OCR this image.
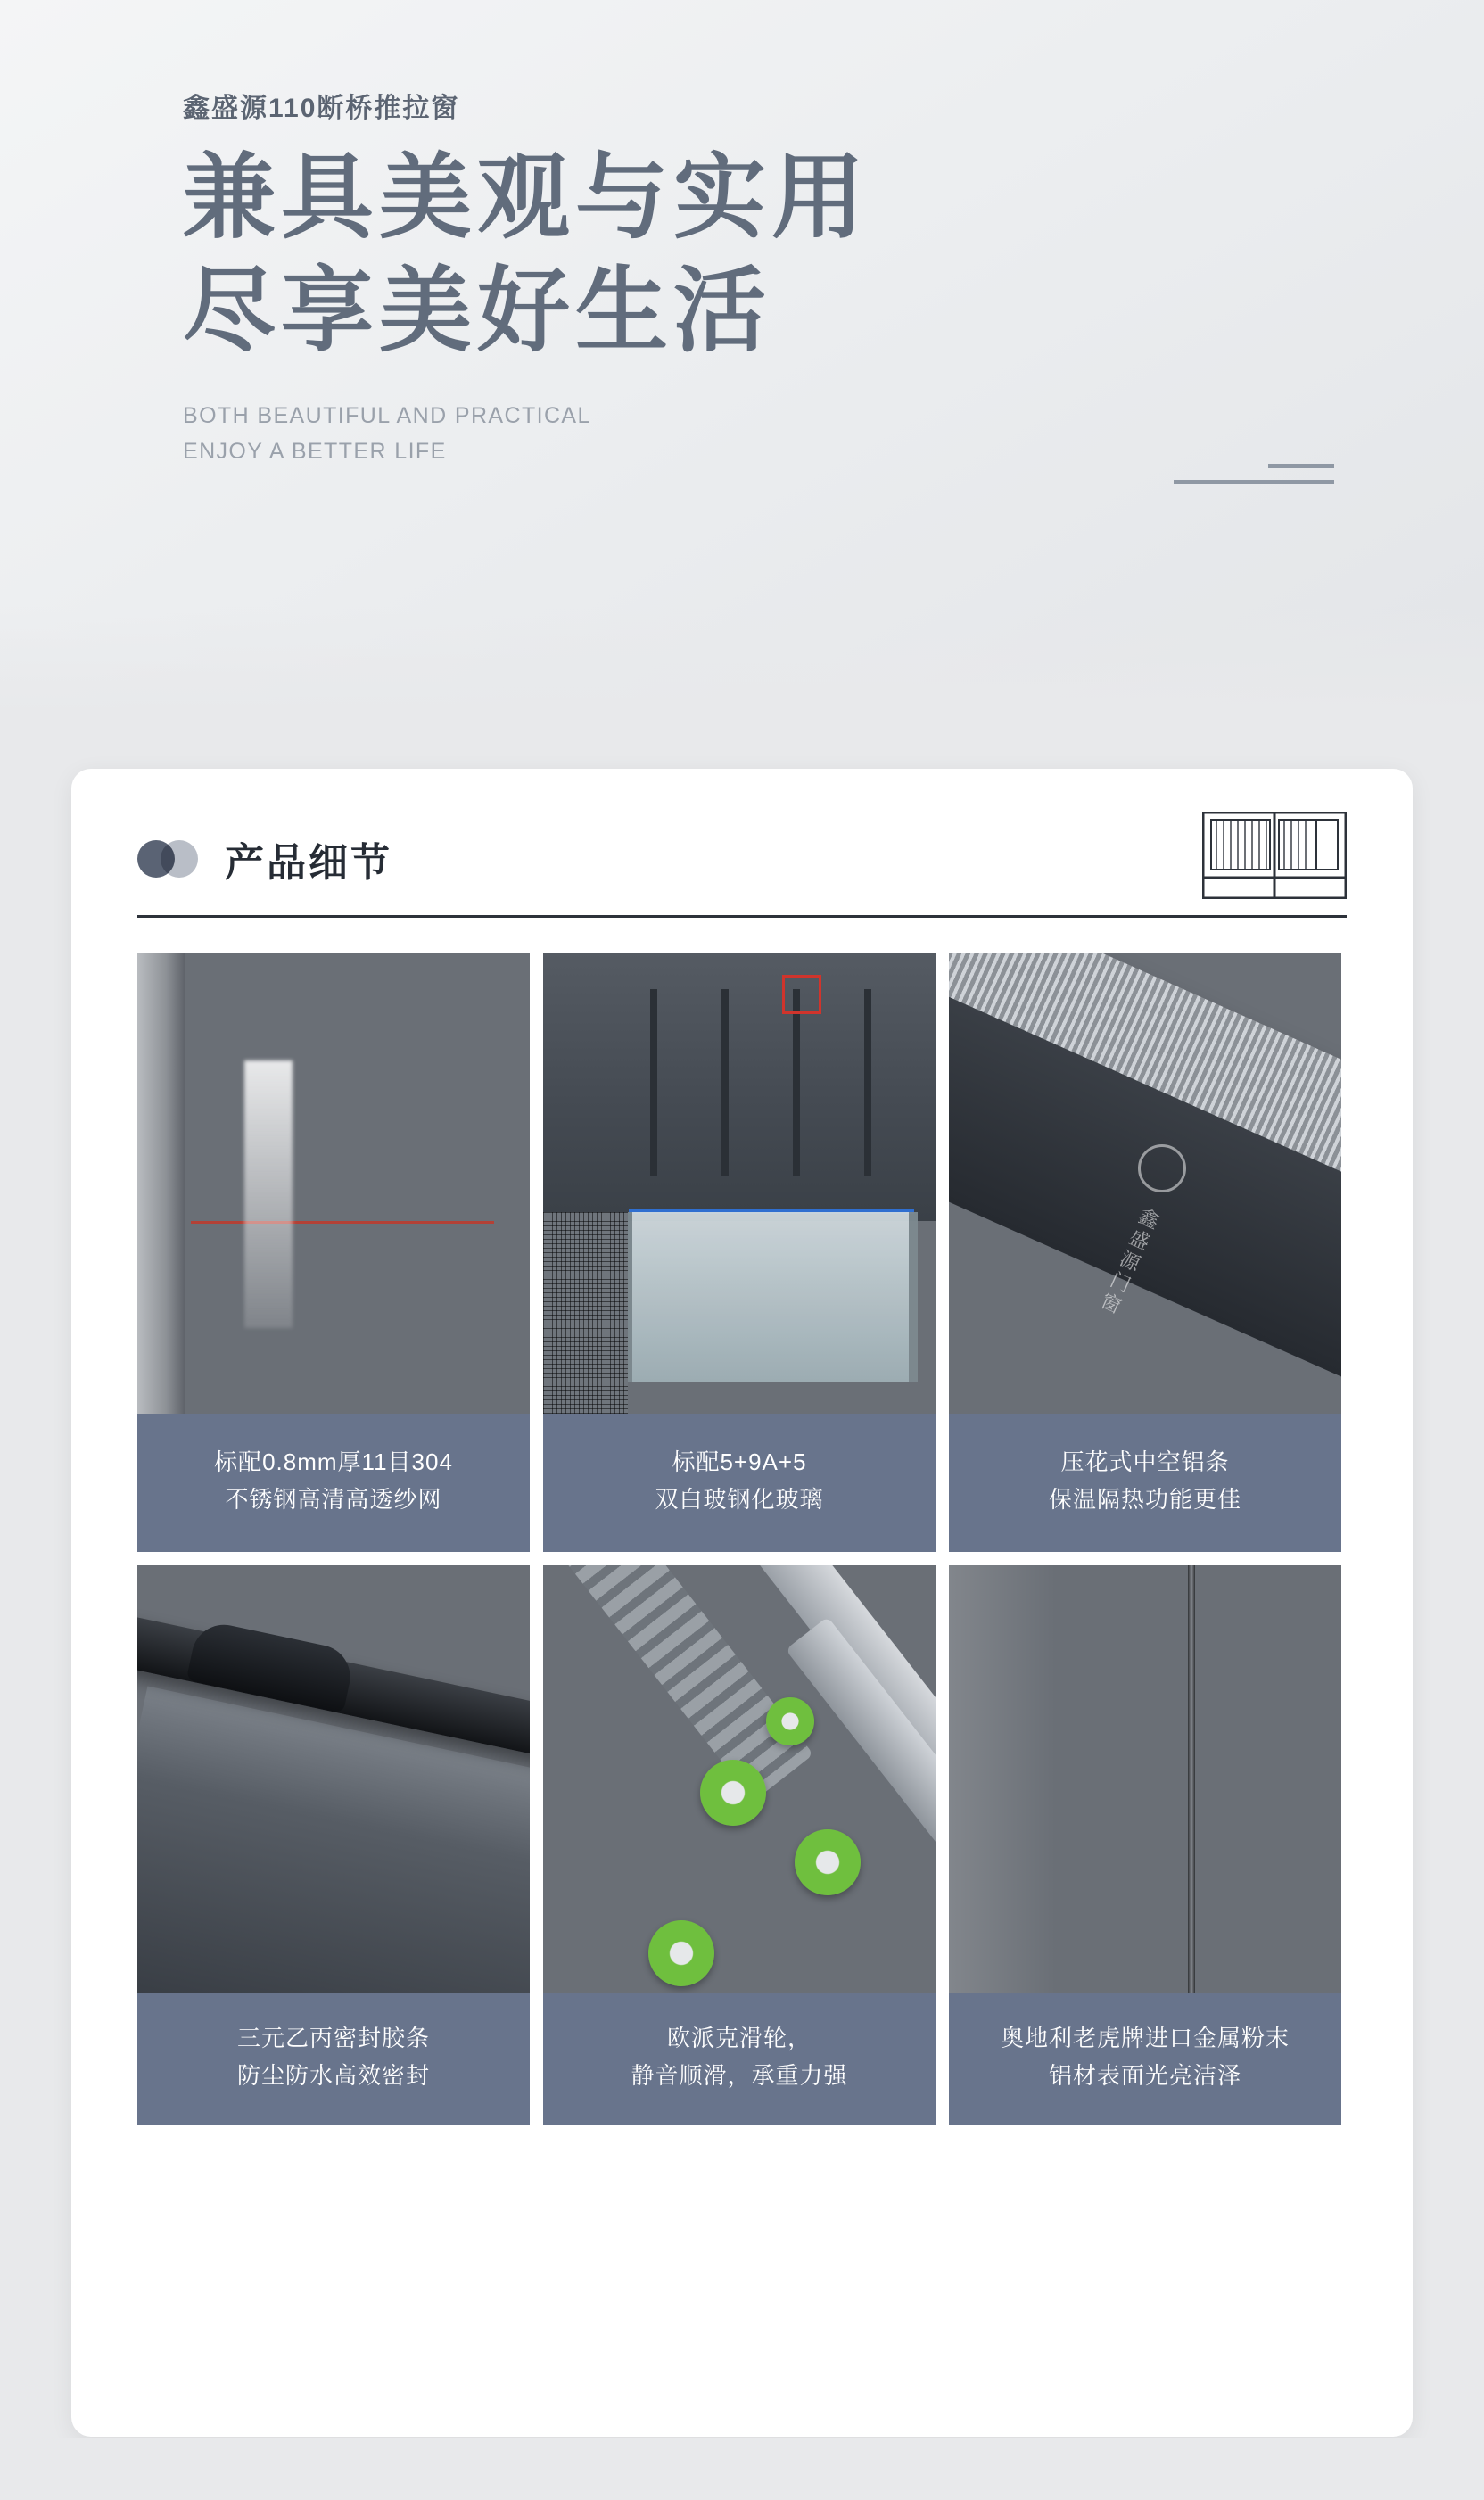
鑫盛源110断桥推拉窗
兼具美观与实用
尽享美好生活
BOTH BEAUTIFUL AND PRACTICAL
ENJOY A BETTER LIFE
产品细节
标配0.8mm厚11目304
不锈钢高清高透纱网
标配5+9A+5
双白玻钢化玻璃
鑫盛源门窗
压花式中空铝条
保温隔热功能更佳
三元乙丙密封胶条
防尘防水高效密封
欧派克滑轮，
静音顺滑，承重力强
奥地利老虎牌进口金属粉末
铝材表面光亮洁泽
